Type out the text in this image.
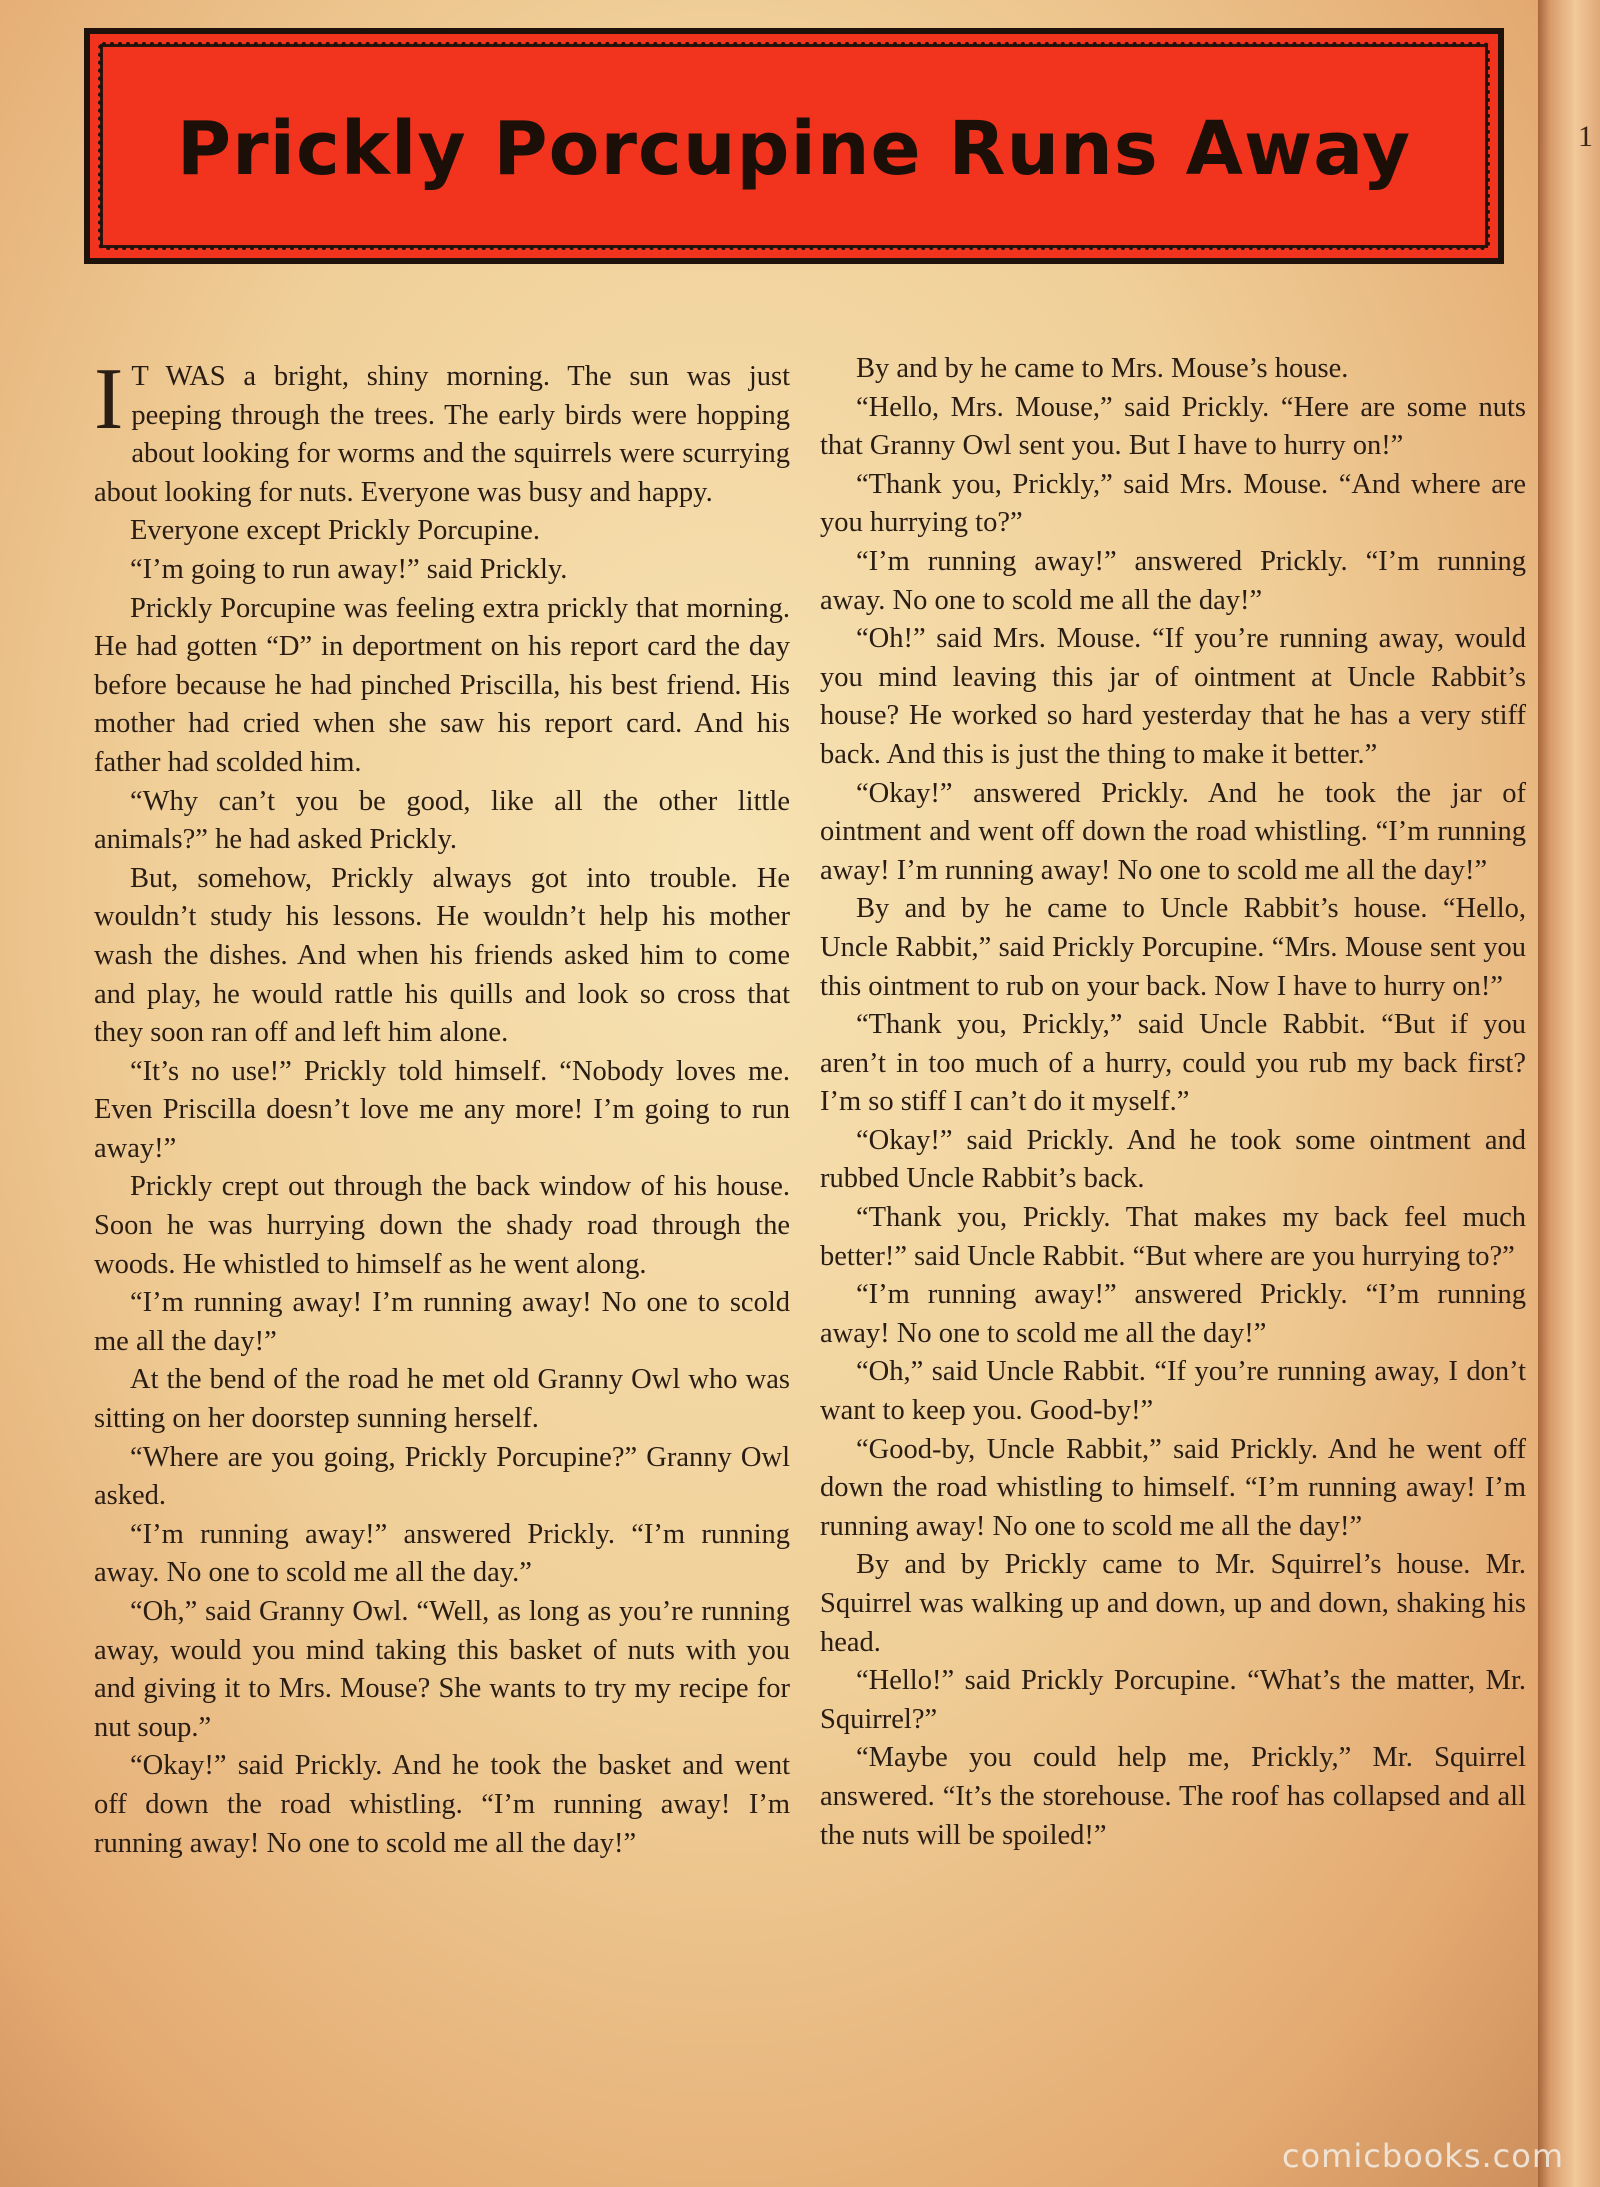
1
Prickly Porcupine Runs Away

I T WAS a bright, shiny morning. The sun was just peeping through the trees. The early birds were hopping about looking for worms and the squirrels were scurrying about looking for nuts. Everyone was busy and happy.

Everyone except Prickly Porcupine.

“I’m going to run away!” said Prickly.

Prickly Porcupine was feeling extra prickly that morning. He had gotten “D” in deportment on his report card the day before because he had pinched Priscilla, his best friend. His mother had cried when she saw his report card. And his father had scolded him.

“Why can’t you be good, like all the other little animals?” he had asked Prickly.

But, somehow, Prickly always got into trouble. He wouldn’t study his lessons. He wouldn’t help his mother wash the dishes. And when his friends asked him to come and play, he would rattle his quills and look so cross that they soon ran off and left him alone.

“It’s no use!” Prickly told himself. “Nobody loves me. Even Priscilla doesn’t love me any more! I’m going to run away!”

Prickly crept out through the back window of his house. Soon he was hurrying down the shady road through the woods. He whistled to himself as he went along.

“I’m running away! I’m running away! No one to scold me all the day!”

At the bend of the road he met old Granny Owl who was sitting on her doorstep sunning herself.

“Where are you going, Prickly Porcupine?” Granny Owl asked.

“I’m running away!” answered Prickly. “I’m running away. No one to scold me all the day.”

“Oh,” said Granny Owl. “Well, as long as you’re running away, would you mind taking this basket of nuts with you and giving it to Mrs. Mouse? She wants to try my recipe for nut soup.”

“Okay!” said Prickly. And he took the basket and went off down the road whistling. “I’m running away! I’m running away! No one to scold me all the day!”

By and by he came to Mrs. Mouse’s house.

“Hello, Mrs. Mouse,” said Prickly. “Here are some nuts that Granny Owl sent you. But I have to hurry on!”

“Thank you, Prickly,” said Mrs. Mouse. “And where are you hurrying to?”

“I’m running away!” answered Prickly. “I’m running away. No one to scold me all the day!”

“Oh!” said Mrs. Mouse. “If you’re running away, would you mind leaving this jar of ointment at Uncle Rabbit’s house? He worked so hard yesterday that he has a very stiff back. And this is just the thing to make it better.”

“Okay!” answered Prickly. And he took the jar of ointment and went off down the road whistling. “I’m running away! I’m running away! No one to scold me all the day!”

By and by he came to Uncle Rabbit’s house. “Hello, Uncle Rabbit,” said Prickly Porcupine. “Mrs. Mouse sent you this ointment to rub on your back. Now I have to hurry on!”

“Thank you, Prickly,” said Uncle Rabbit. “But if you aren’t in too much of a hurry, could you rub my back first? I’m so stiff I can’t do it myself.”

“Okay!” said Prickly. And he took some ointment and rubbed Uncle Rabbit’s back.

“Thank you, Prickly. That makes my back feel much better!” said Uncle Rabbit. “But where are you hurrying to?”

“I’m running away!” answered Prickly. “I’m running away! No one to scold me all the day!”

“Oh,” said Uncle Rabbit. “If you’re running away, I don’t want to keep you. Good-by!”

“Good-by, Uncle Rabbit,” said Prickly. And he went off down the road whistling to himself. “I’m running away! I’m running away! No one to scold me all the day!”

By and by Prickly came to Mr. Squirrel’s house. Mr. Squirrel was walking up and down, up and down, shaking his head.

“Hello!” said Prickly Porcupine. “What’s the matter, Mr. Squirrel?”

“Maybe you could help me, Prickly,” Mr. Squirrel answered. “It’s the storehouse. The roof has collapsed and all the nuts will be spoiled!”

comicbooks.com
